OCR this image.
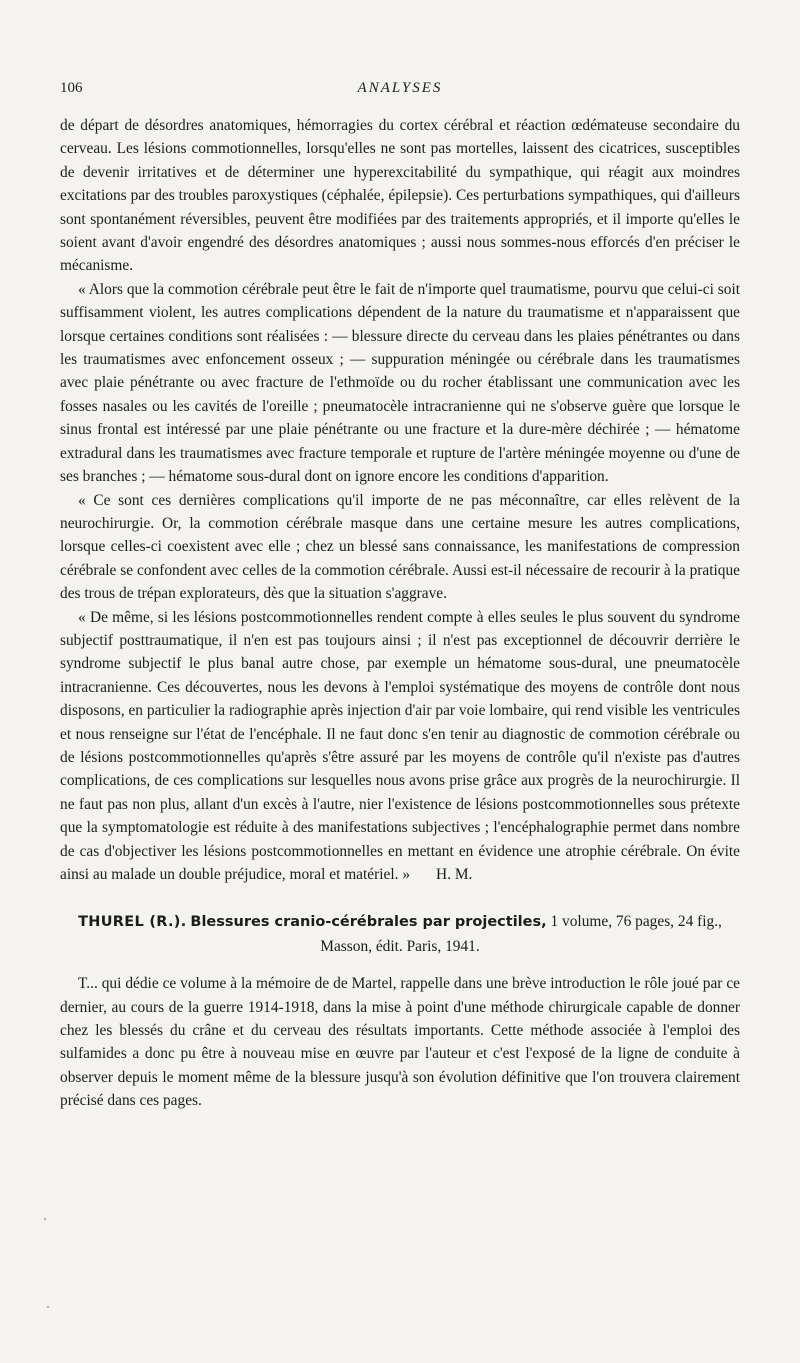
106	ANALYSES

de départ de désordres anatomiques, hémorragies du cortex cérébral et réaction œdémateuse secondaire du cerveau. Les lésions commotionnelles, lorsqu'elles ne sont pas mortelles, laissent des cicatrices, susceptibles de devenir irritatives et de déterminer une hyperexcitabilité du sympathique, qui réagit aux moindres excitations par des troubles paroxystiques (céphalée, épilepsie). Ces perturbations sympathiques, qui d'ailleurs sont spontanément réversibles, peuvent être modifiées par des traitements appropriés, et il importe qu'elles le soient avant d'avoir engendré des désordres anatomiques ; aussi nous sommes-nous efforcés d'en préciser le mécanisme.

« Alors que la commotion cérébrale peut être le fait de n'importe quel traumatisme, pourvu que celui-ci soit suffisamment violent, les autres complications dépendent de la nature du traumatisme et n'apparaissent que lorsque certaines conditions sont réalisées : — blessure directe du cerveau dans les plaies pénétrantes ou dans les traumatismes avec enfoncement osseux ; — suppuration méningée ou cérébrale dans les traumatismes avec plaie pénétrante ou avec fracture de l'ethmoïde ou du rocher établissant une communication avec les fosses nasales ou les cavités de l'oreille ; pneumatocèle intracranienne qui ne s'observe guère que lorsque le sinus frontal est intéressé par une plaie pénétrante ou une fracture et la dure-mère déchirée ; — hématome extradural dans les traumatismes avec fracture temporale et rupture de l'artère méningée moyenne ou d'une de ses branches ; — hématome sous-dural dont on ignore encore les conditions d'apparition.

« Ce sont ces dernières complications qu'il importe de ne pas méconnaître, car elles relèvent de la neurochirurgie. Or, la commotion cérébrale masque dans une certaine mesure les autres complications, lorsque celles-ci coexistent avec elle ; chez un blessé sans connaissance, les manifestations de compression cérébrale se confondent avec celles de la commotion cérébrale. Aussi est-il nécessaire de recourir à la pratique des trous de trépan explorateurs, dès que la situation s'aggrave.

« De même, si les lésions postcommotionnelles rendent compte à elles seules le plus souvent du syndrome subjectif posttraumatique, il n'en est pas toujours ainsi ; il n'est pas exceptionnel de découvrir derrière le syndrome subjectif le plus banal autre chose, par exemple un hématome sous-dural, une pneumatocèle intracranienne. Ces découvertes, nous les devons à l'emploi systématique des moyens de contrôle dont nous disposons, en particulier la radiographie après injection d'air par voie lombaire, qui rend visible les ventricules et nous renseigne sur l'état de l'encéphale. Il ne faut donc s'en tenir au diagnostic de commotion cérébrale ou de lésions postcommotionnelles qu'après s'être assuré par les moyens de contrôle qu'il n'existe pas d'autres complications, de ces complications sur lesquelles nous avons prise grâce aux progrès de la neurochirurgie. Il ne faut pas non plus, allant d'un excès à l'autre, nier l'existence de lésions postcommotionnelles sous prétexte que la symptomatologie est réduite à des manifestations subjectives ; l'encéphalographie permet dans nombre de cas d'objectiver les lésions postcommotionnelles en mettant en évidence une atrophie cérébrale. On évite ainsi au malade un double préjudice, moral et matériel. » H. M.

THUREL (R.). Blessures cranio-cérébrales par projectiles, 1 volume, 76 pages, 24 fig., Masson, édit. Paris, 1941.

T... qui dédie ce volume à la mémoire de de Martel, rappelle dans une brève introduction le rôle joué par ce dernier, au cours de la guerre 1914-1918, dans la mise à point d'une méthode chirurgicale capable de donner chez les blessés du crâne et du cerveau des résultats importants. Cette méthode associée à l'emploi des sulfamides a donc pu être à nouveau mise en œuvre par l'auteur et c'est l'exposé de la ligne de conduite à observer depuis le moment même de la blessure jusqu'à son évolution définitive que l'on trouvera clairement précisé dans ces pages.
